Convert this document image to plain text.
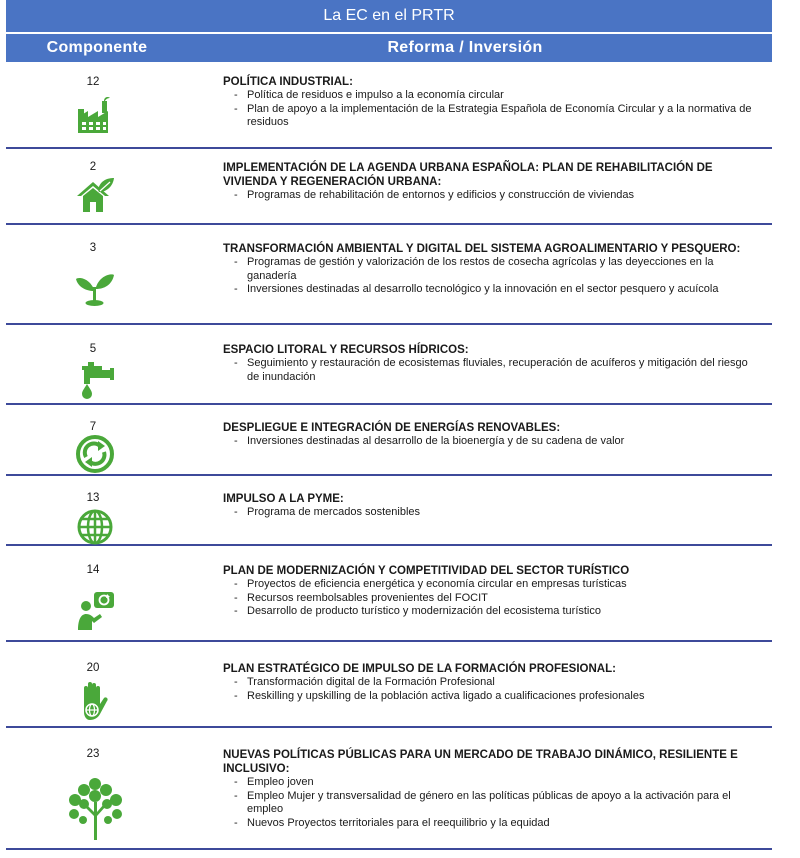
La EC en el PRTR
Componente	Reforma / Inversión
12	POLÍTICA INDUSTRIAL:
- Política de residuos e impulso a la economía circular
- Plan de apoyo a la implementación de la Estrategia Española de Economía Circular y a la normativa de residuos
2	IMPLEMENTACIÓN DE LA AGENDA URBANA ESPAÑOLA: PLAN DE REHABILITACIÓN DE VIVIENDA Y REGENERACIÓN URBANA:
- Programas de rehabilitación de entornos y edificios y construcción de viviendas
3	TRANSFORMACIÓN AMBIENTAL Y DIGITAL DEL SISTEMA AGROALIMENTARIO Y PESQUERO:
- Programas de gestión y valorización de los restos de cosecha agrícolas y las deyecciones en la ganadería
- Inversiones destinadas al desarrollo tecnológico y la innovación en el sector pesquero y acuícola
5	ESPACIO LITORAL Y RECURSOS HÍDRICOS:
- Seguimiento y restauración de ecosistemas fluviales, recuperación de acuíferos y mitigación del riesgo de inundación
7	DESPLIEGUE E INTEGRACIÓN DE ENERGÍAS RENOVABLES:
- Inversiones destinadas al desarrollo de la bioenergía y de su cadena de valor
13	IMPULSO A LA PYME:
- Programa de mercados sostenibles
14	PLAN DE MODERNIZACIÓN Y COMPETITIVIDAD DEL SECTOR TURÍSTICO
- Proyectos de eficiencia energética y economía circular en empresas turísticas
- Recursos reembolsables provenientes del FOCIT
- Desarrollo de producto turístico y modernización del ecosistema turístico
20	PLAN ESTRATÉGICO DE IMPULSO DE LA FORMACIÓN PROFESIONAL:
- Transformación digital de la Formación Profesional
- Reskilling y upskilling de la población activa ligado a cualificaciones profesionales
23	NUEVAS POLÍTICAS PÚBLICAS PARA UN MERCADO DE TRABAJO DINÁMICO, RESILIENTE E INCLUSIVO:
- Empleo joven
- Empleo Mujer y transversalidad de género en las políticas públicas de apoyo a la activación para el empleo
- Nuevos Proyectos territoriales para el reequilibrio y la equidad
